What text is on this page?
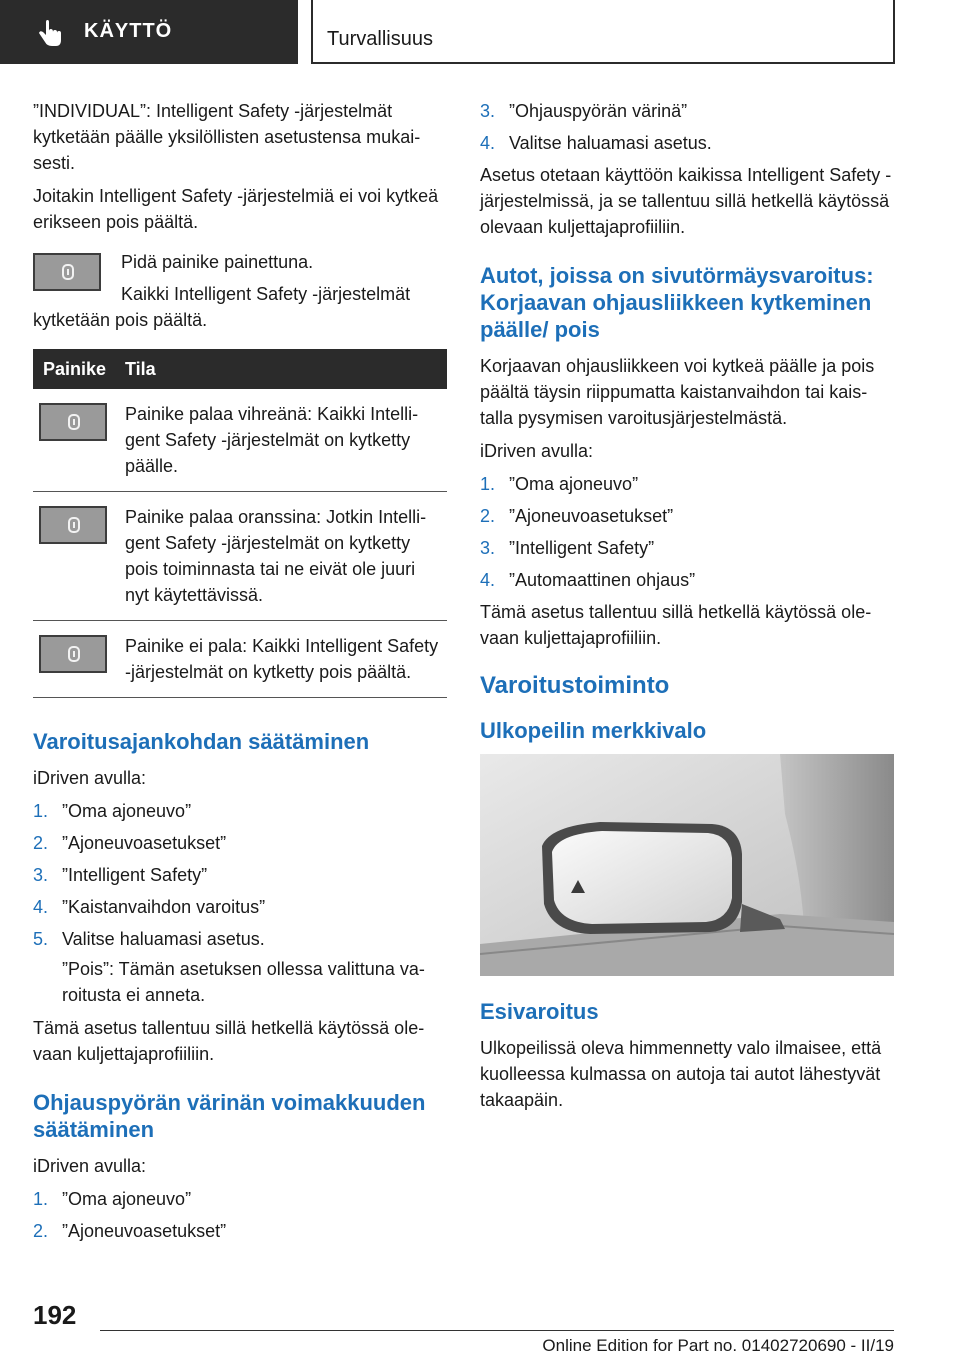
KÄYTTÖ	Turvallisuus

”INDIVIDUAL”: Intelligent Safety -järjestelmät kytketään päälle yksilöllisten asetustensa mukaisesti.

Joitakin Intelligent Safety -järjestelmiä ei voi kytkeä erikseen pois päältä.

Pidä painike painettuna.

Kaikki Intelligent Safety -järjestelmät kytketään pois päältä.

Painike	Tila

	Painike palaa vihreänä: Kaikki Intelligent Safety -järjestelmät on kytketty päälle.

	Painike palaa oranssina: Jotkin Intelligent Safety -järjestelmät on kytketty pois toiminnasta tai ne eivät ole juuri nyt käytettävissä.

	Painike ei pala: Kaikki Intelligent Safety -järjestelmät on kytketty pois päältä.
Varoitusajankohdan säätäminen

iDriven avulla:

1. ”Oma ajoneuvo”
2. ”Ajoneuvoasetukset”
3. ”Intelligent Safety”
4. ”Kaistanvaihdon varoitus”
5. Valitse haluamasi asetus.

”Pois”: Tämän asetuksen ollessa valittuna varoitusta ei anneta.

Tämä asetus tallentuu sillä hetkellä käytössä olevaan kuljettajaprofiiliin.

Ohjauspyörän värinän voimakkuuden säätäminen

iDriven avulla:

1. ”Oma ajoneuvo”
2. ”Ajoneuvoasetukset”
3. ”Ohjauspyörän värinä”
4. Valitse haluamasi asetus.

Asetus otetaan käyttöön kaikissa Intelligent Safety -järjestelmissä, ja se tallentuu sillä hetkellä käytössä olevaan kuljettajaprofiiliin.

Autot, joissa on sivutörmäysvaroitus: Korjaavan ohjausliikkeen kytkeminen päälle/ pois

Korjaavan ohjausliikkeen voi kytkeä päälle ja pois päältä täysin riippumatta kaistanvaihdon tai kaistalla pysymisen varoitusjärjestelmästä.

iDriven avulla:

1. ”Oma ajoneuvo”
2. ”Ajoneuvoasetukset”
3. ”Intelligent Safety”
4. ”Automaattinen ohjaus”

Tämä asetus tallentuu sillä hetkellä käytössä olevaan kuljettajaprofiiliin.

Varoitustoiminto
Ulkopeilin merkkivalo
Esivaroitus

Ulkopeilissä oleva himmennetty valo ilmaisee, että kuolleessa kulmassa on autoja tai autot lähestyvät takaapäin.

192
Online Edition for Part no. 01402720690 - II/19
